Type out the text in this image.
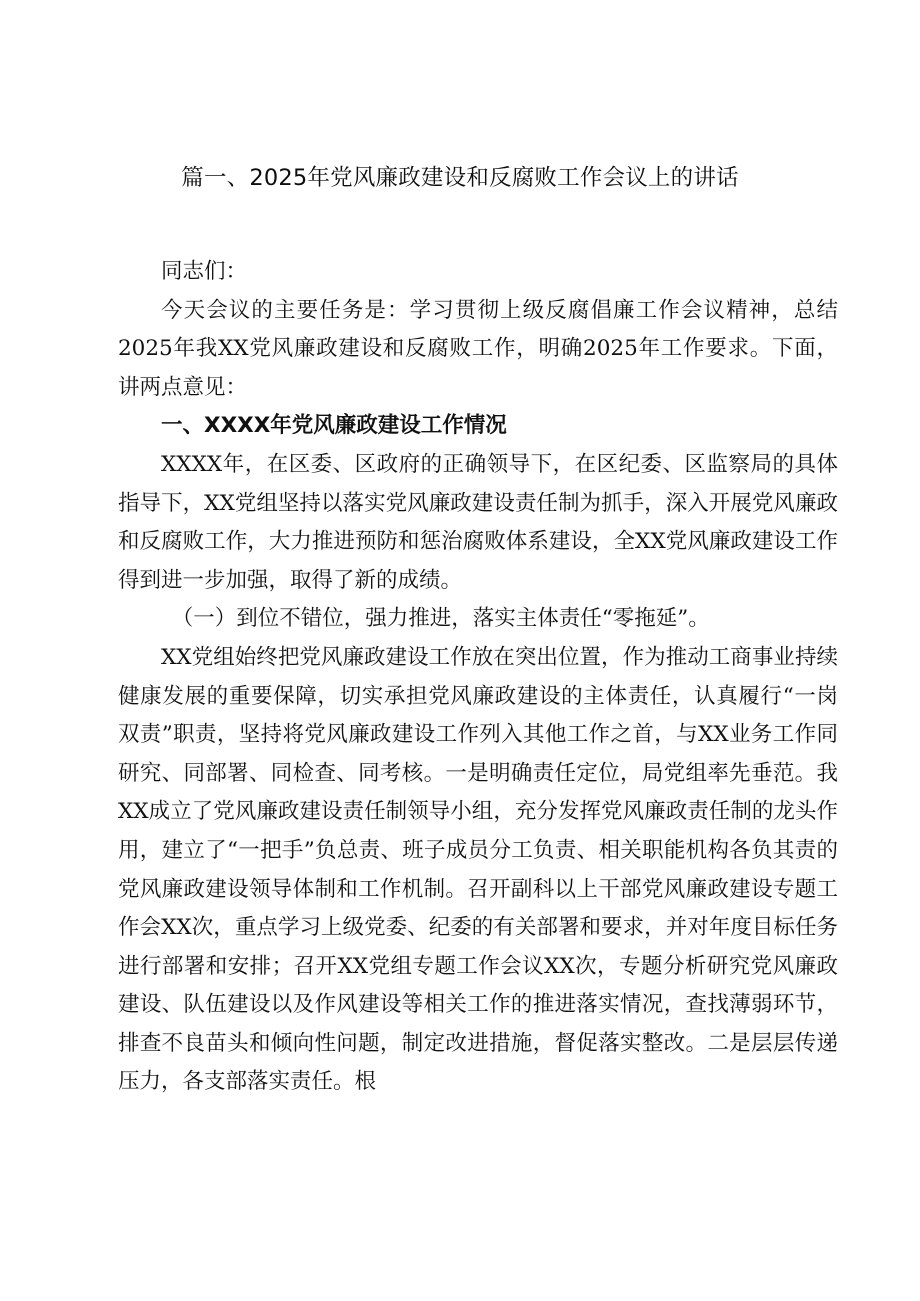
篇一、2025年党风廉政建设和反腐败工作会议上的讲话

同志们：

今天会议的主要任务是：学习贯彻上级反腐倡廉工作会议精神，总结2025年我XX党风廉政建设和反腐败工作，明确2025年工作要求。下面，讲两点意见：

一、XXXX年党风廉政建设工作情况

XXXX年，在区委、区政府的正确领导下，在区纪委、区监察局的具体指导下，XX党组坚持以落实党风廉政建设责任制为抓手，深入开展党风廉政和反腐败工作，大力推进预防和惩治腐败体系建设，全XX党风廉政建设工作得到进一步加强，取得了新的成绩。

（一）到位不错位，强力推进，落实主体责任“零拖延”。

XX党组始终把党风廉政建设工作放在突出位置，作为推动工商事业持续健康发展的重要保障，切实承担党风廉政建设的主体责任，认真履行“一岗双责”职责，坚持将党风廉政建设工作列入其他工作之首，与XX业务工作同研究、同部署、同检查、同考核。一是明确责任定位，局党组率先垂范。我XX成立了党风廉政建设责任制领导小组，充分发挥党风廉政责任制的龙头作用，建立了“一把手”负总责、班子成员分工负责、相关职能机构各负其责的党风廉政建设领导体制和工作机制。召开副科以上干部党风廉政建设专题工作会XX次，重点学习上级党委、纪委的有关部署和要求，并对年度目标任务进行部署和安排；召开XX党组专题工作会议XX次，专题分析研究党风廉政建设、队伍建设以及作风建设等相关工作的推进落实情况，查找薄弱环节，排查不良苗头和倾向性问题，制定改进措施，督促落实整改。二是层层传递压力，各支部落实责任。根
